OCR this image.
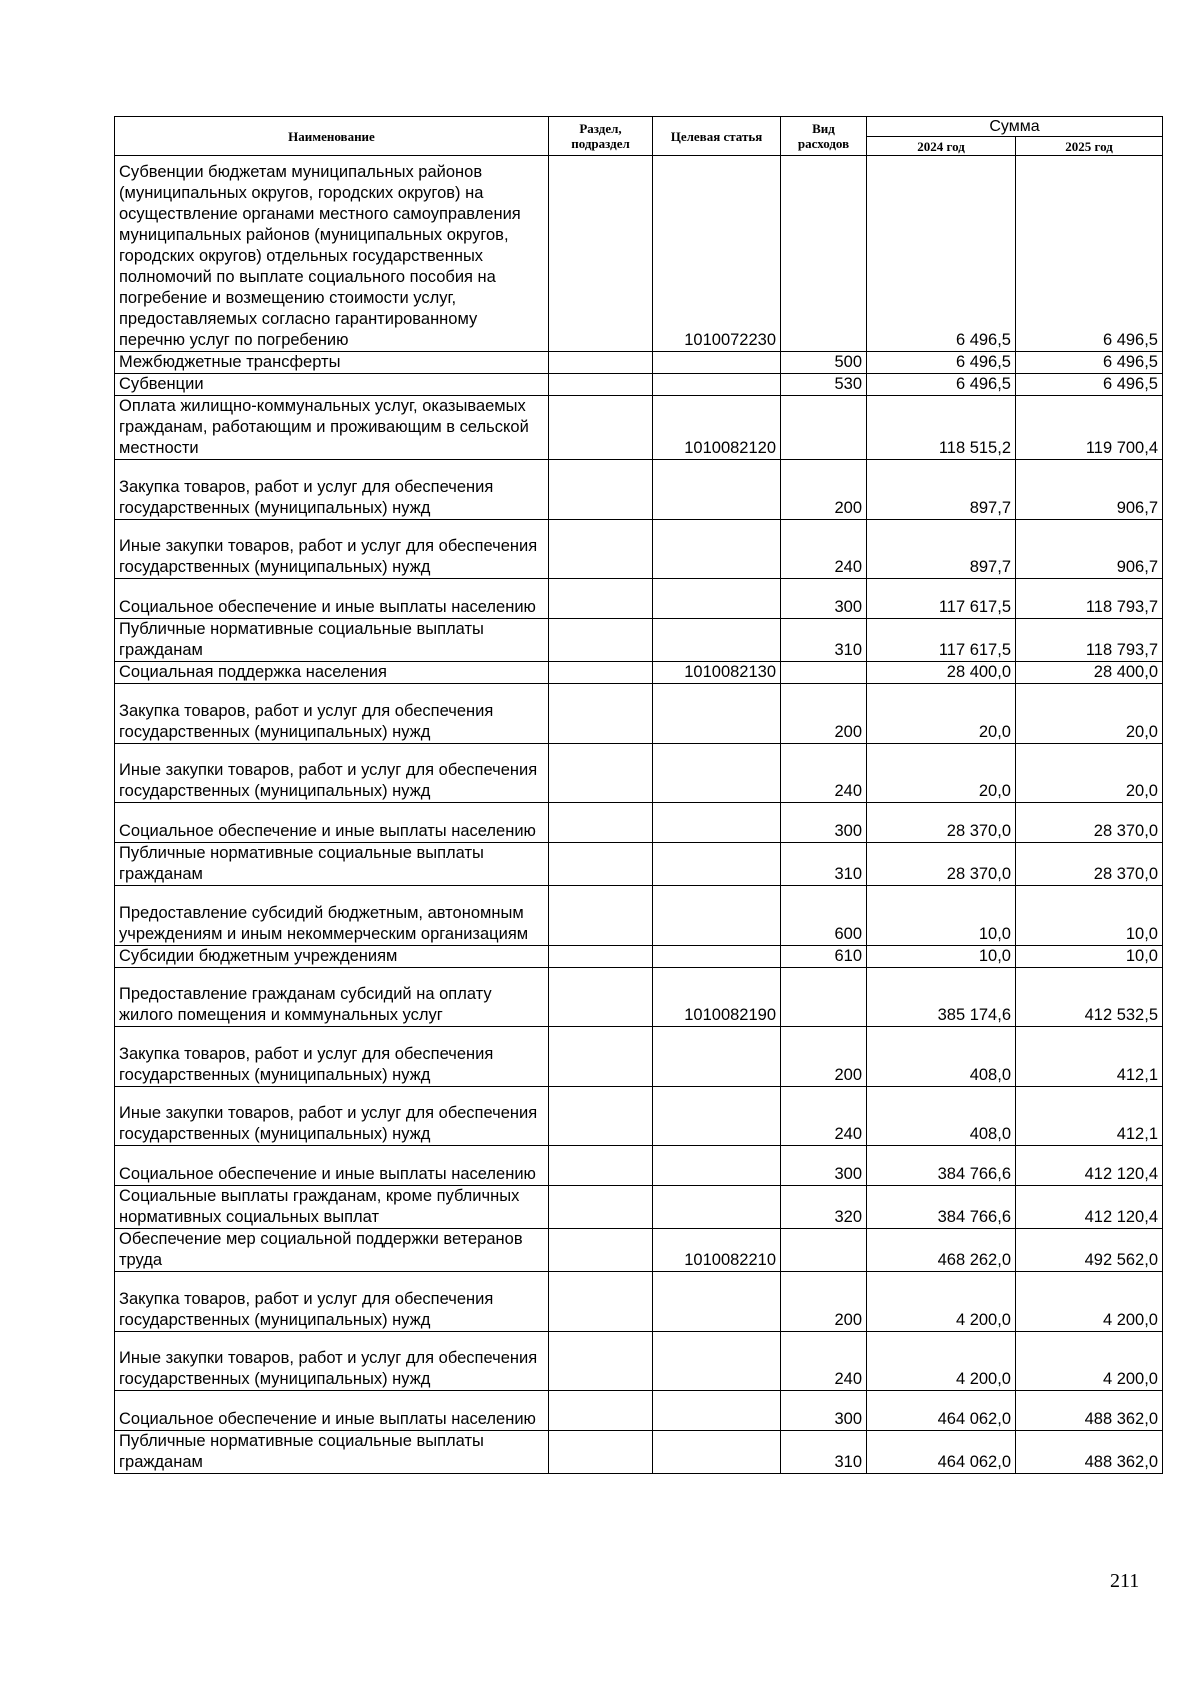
Наименование	Раздел, подраздел	Целевая статья	Вид расходов	Сумма	
				2024 год	2025 год
Субвенции бюджетам муниципальных районов (муниципальных округов, городских округов) на осуществление органами местного самоуправления муниципальных районов (муниципальных округов, городских округов) отдельных государственных полномочий по выплате социального пособия на погребение и возмещению стоимости услуг, предоставляемых согласно гарантированному перечню услуг по погребению		1010072230		6 496,5	6 496,5
Межбюджетные трансферты			500	6 496,5	6 496,5
Субвенции			530	6 496,5	6 496,5
Оплата жилищно-коммунальных услуг, оказываемых гражданам, работающим и проживающим в сельской местности		1010082120		118 515,2	119 700,4
Закупка товаров, работ и услуг для обеспечения государственных (муниципальных) нужд			200	897,7	906,7
Иные закупки товаров, работ и услуг для обеспечения государственных (муниципальных) нужд			240	897,7	906,7
Социальное обеспечение и иные выплаты населению			300	117 617,5	118 793,7
Публичные нормативные социальные выплаты гражданам			310	117 617,5	118 793,7
Социальная поддержка населения		1010082130		28 400,0	28 400,0
Закупка товаров, работ и услуг для обеспечения государственных (муниципальных) нужд			200	20,0	20,0
Иные закупки товаров, работ и услуг для обеспечения государственных (муниципальных) нужд			240	20,0	20,0
Социальное обеспечение и иные выплаты населению			300	28 370,0	28 370,0
Публичные нормативные социальные выплаты гражданам			310	28 370,0	28 370,0
Предоставление субсидий бюджетным, автономным учреждениям и иным некоммерческим организациям			600	10,0	10,0
Субсидии бюджетным учреждениям			610	10,0	10,0
Предоставление гражданам субсидий на оплату жилого помещения и коммунальных услуг		1010082190		385 174,6	412 532,5
Закупка товаров, работ и услуг для обеспечения государственных (муниципальных) нужд			200	408,0	412,1
Иные закупки товаров, работ и услуг для обеспечения государственных (муниципальных) нужд			240	408,0	412,1
Социальное обеспечение и иные выплаты населению			300	384 766,6	412 120,4
Социальные выплаты гражданам, кроме публичных нормативных социальных выплат			320	384 766,6	412 120,4
Обеспечение мер социальной поддержки ветеранов труда		1010082210		468 262,0	492 562,0
Закупка товаров, работ и услуг для обеспечения государственных (муниципальных) нужд			200	4 200,0	4 200,0
Иные закупки товаров, работ и услуг для обеспечения государственных (муниципальных) нужд			240	4 200,0	4 200,0
Социальное обеспечение и иные выплаты населению			300	464 062,0	488 362,0
Публичные нормативные социальные выплаты гражданам			310	464 062,0	488 362,0
211
